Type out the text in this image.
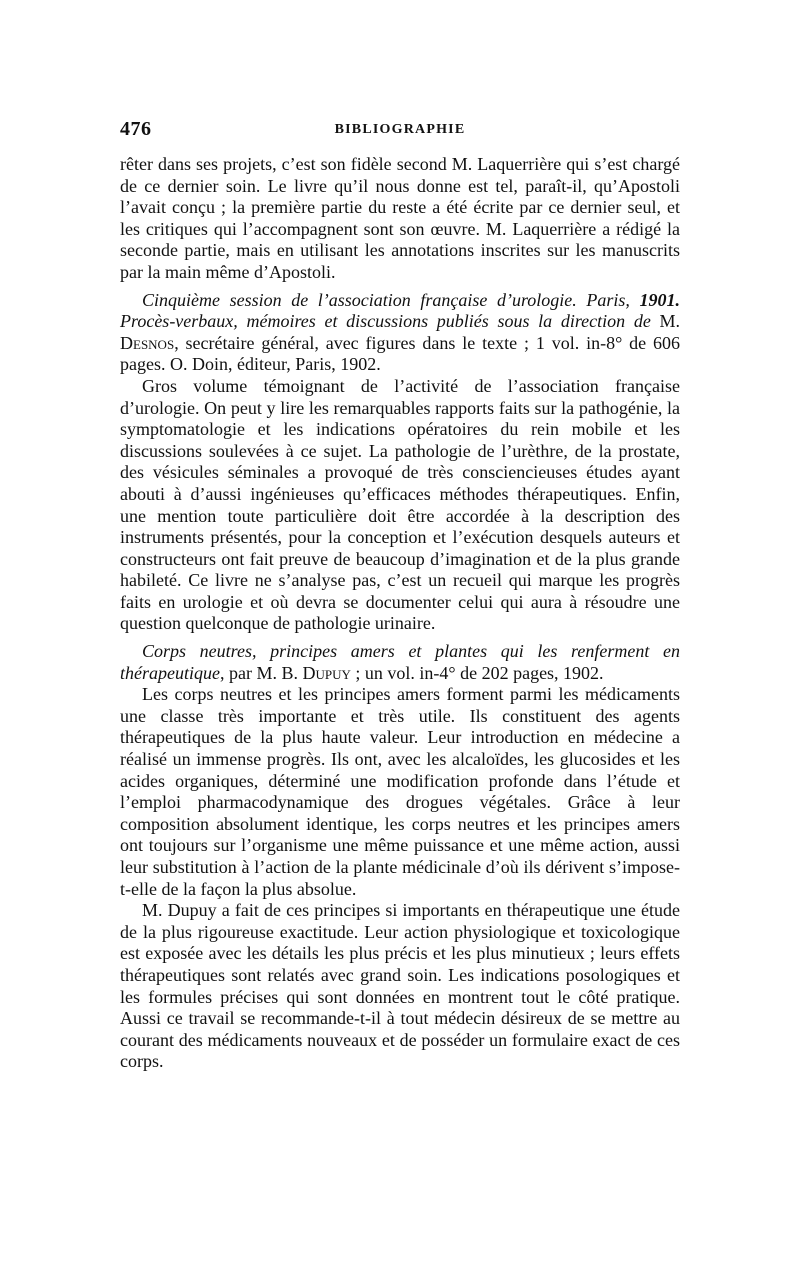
476	BIBLIOGRAPHIE

rêter dans ses projets, c’est son fidèle second M. Laquerrière qui s’est chargé de ce dernier soin. Le livre qu’il nous donne est tel, paraît-il, qu’Apostoli l’avait conçu ; la première partie du reste a été écrite par ce dernier seul, et les critiques qui l’accompagnent sont son œuvre. M. Laquerrière a rédigé la seconde partie, mais en utilisant les annotations inscrites sur les manuscrits par la main même d’Apostoli.

Cinquième session de l’association française d’urologie. Paris, 1901. Procès-verbaux, mémoires et discussions publiés sous la direction de M. Desnos, secrétaire général, avec figures dans le texte ; 1 vol. in-8° de 606 pages. O. Doin, éditeur, Paris, 1902.

Gros volume témoignant de l’activité de l’association française d’urologie. On peut y lire les remarquables rapports faits sur la pathogénie, la symptomatologie et les indications opératoires du rein mobile et les discussions soulevées à ce sujet. La pathologie de l’urèthre, de la prostate, des vésicules séminales a provoqué de très consciencieuses études ayant abouti à d’aussi ingénieuses qu’efficaces méthodes thérapeutiques. Enfin, une mention toute particulière doit être accordée à la description des instruments présentés, pour la conception et l’exécution desquels auteurs et constructeurs ont fait preuve de beaucoup d’imagination et de la plus grande habileté. Ce livre ne s’analyse pas, c’est un recueil qui marque les progrès faits en urologie et où devra se documenter celui qui aura à résoudre une question quelconque de pathologie urinaire.

Corps neutres, principes amers et plantes qui les renferment en thérapeutique, par M. B. Dupuy ; un vol. in-4° de 202 pages, 1902.

Les corps neutres et les principes amers forment parmi les médicaments une classe très importante et très utile. Ils constituent des agents thérapeutiques de la plus haute valeur. Leur introduction en médecine a réalisé un immense progrès. Ils ont, avec les alcaloïdes, les glucosides et les acides organiques, déterminé une modification profonde dans l’étude et l’emploi pharmacodynamique des drogues végétales. Grâce à leur composition absolument identique, les corps neutres et les principes amers ont toujours sur l’organisme une même puissance et une même action, aussi leur substitution à l’action de la plante médicinale d’où ils dérivent s’impose-t-elle de la façon la plus absolue.

M. Dupuy a fait de ces principes si importants en thérapeutique une étude de la plus rigoureuse exactitude. Leur action physiologique et toxicologique est exposée avec les détails les plus précis et les plus minutieux ; leurs effets thérapeutiques sont relatés avec grand soin. Les indications posologiques et les formules précises qui sont données en montrent tout le côté pratique. Aussi ce travail se recommande-t-il à tout médecin désireux de se mettre au courant des médicaments nouveaux et de posséder un formulaire exact de ces corps.
